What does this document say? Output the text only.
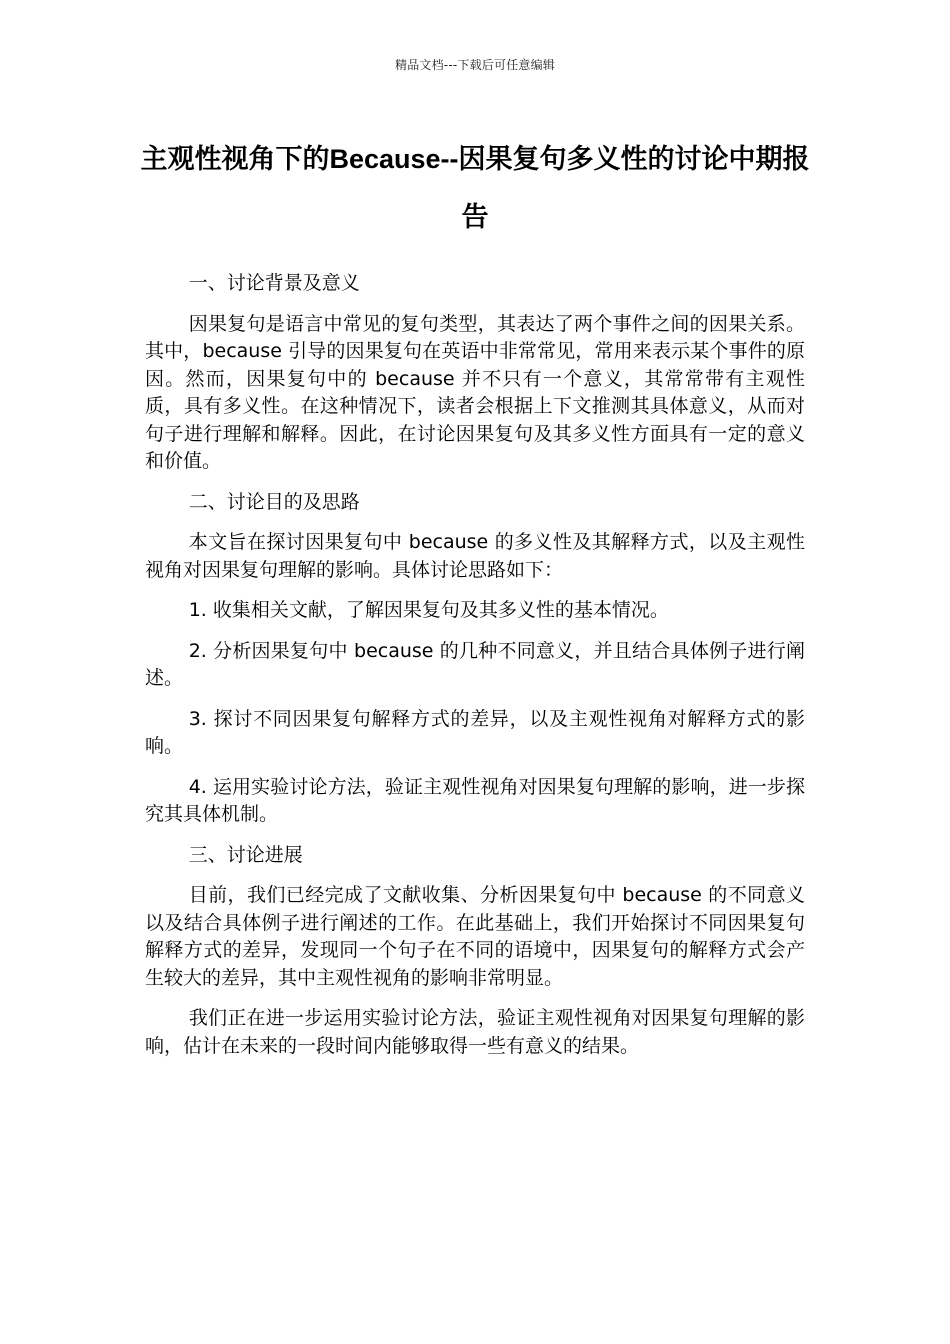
精品文档---下载后可任意编辑
主观性视角下的Because--因果复句多义性的讨论中期报告

一、讨论背景及意义

因果复句是语言中常见的复句类型，其表达了两个事件之间的因果关系。其中，because 引导的因果复句在英语中非常常见，常用来表示某个事件的原因。然而，因果复句中的 because 并不只有一个意义，其常常带有主观性质，具有多义性。在这种情况下，读者会根据上下文推测其具体意义，从而对句子进行理解和解释。因此，在讨论因果复句及其多义性方面具有一定的意义和价值。

二、讨论目的及思路

本文旨在探讨因果复句中 because 的多义性及其解释方式，以及主观性视角对因果复句理解的影响。具体讨论思路如下：

1. 收集相关文献，了解因果复句及其多义性的基本情况。

2. 分析因果复句中 because 的几种不同意义，并且结合具体例子进行阐述。

3. 探讨不同因果复句解释方式的差异，以及主观性视角对解释方式的影响。

4. 运用实验讨论方法，验证主观性视角对因果复句理解的影响，进一步探究其具体机制。

三、讨论进展

目前，我们已经完成了文献收集、分析因果复句中 because 的不同意义以及结合具体例子进行阐述的工作。在此基础上，我们开始探讨不同因果复句解释方式的差异，发现同一个句子在不同的语境中，因果复句的解释方式会产生较大的差异，其中主观性视角的影响非常明显。

我们正在进一步运用实验讨论方法，验证主观性视角对因果复句理解的影响，估计在未来的一段时间内能够取得一些有意义的结果。
